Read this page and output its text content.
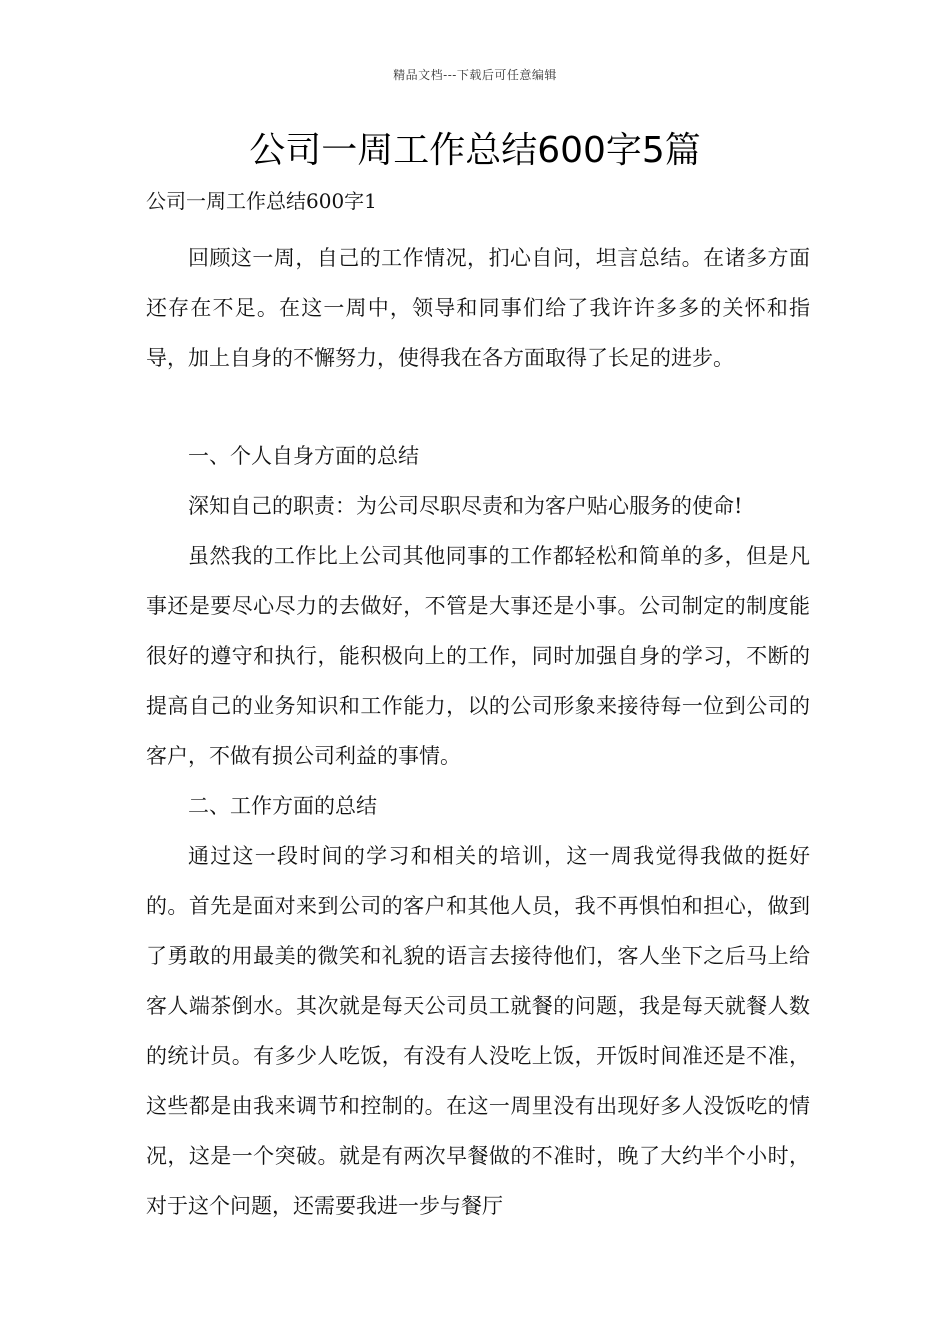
精品文档---下载后可任意编辑
公司一周工作总结600字5篇
公司一周工作总结600字1

回顾这一周，自己的工作情况，扪心自问，坦言总结。在诸多方面还存在不足。在这一周中，领导和同事们给了我许许多多的关怀和指导，加上自身的不懈努力，使得我在各方面取得了长足的进步。

一、个人自身方面的总结

深知自己的职责：为公司尽职尽责和为客户贴心服务的使命!

虽然我的工作比上公司其他同事的工作都轻松和简单的多，但是凡事还是要尽心尽力的去做好，不管是大事还是小事。公司制定的制度能很好的遵守和执行，能积极向上的工作，同时加强自身的学习，不断的提高自己的业务知识和工作能力，以的公司形象来接待每一位到公司的客户，不做有损公司利益的事情。

二、工作方面的总结

通过这一段时间的学习和相关的培训，这一周我觉得我做的挺好的。首先是面对来到公司的客户和其他人员，我不再惧怕和担心，做到了勇敢的用最美的微笑和礼貌的语言去接待他们，客人坐下之后马上给客人端茶倒水。其次就是每天公司员工就餐的问题，我是每天就餐人数的统计员。有多少人吃饭，有没有人没吃上饭，开饭时间准还是不准，这些都是由我来调节和控制的。在这一周里没有出现好多人没饭吃的情况，这是一个突破。就是有两次早餐做的不准时，晚了大约半个小时，对于这个问题，还需要我进一步与餐厅
